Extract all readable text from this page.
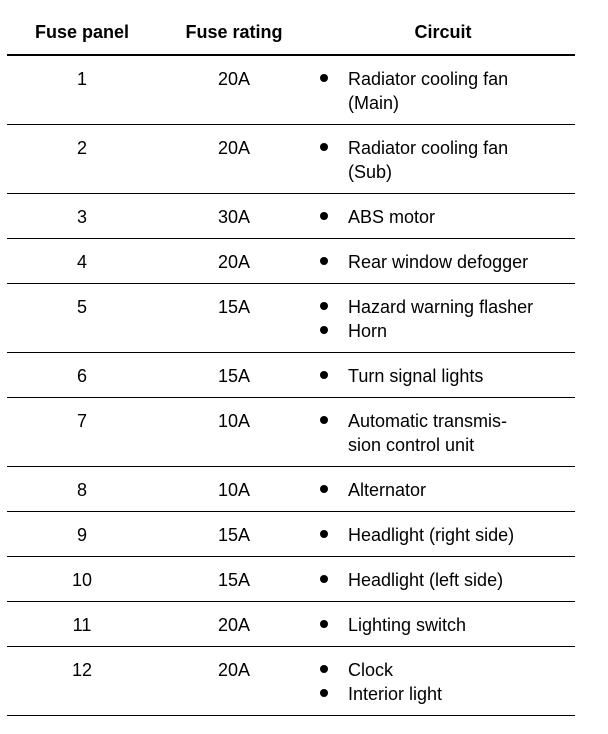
Fuse panel	Fuse rating	Circuit
1	20A	Radiator cooling fan
(Main)
2	20A	Radiator cooling fan
(Sub)
3	30A	ABS motor
4	20A	Rear window defogger
5	15A	Hazard warning flasher
Horn
6	15A	Turn signal lights
7	10A	Automatic transmis-
sion control unit
8	10A	Alternator
9	15A	Headlight (right side)
10	15A	Headlight (left side)
11	20A	Lighting switch
12	20A	Clock
Interior light
